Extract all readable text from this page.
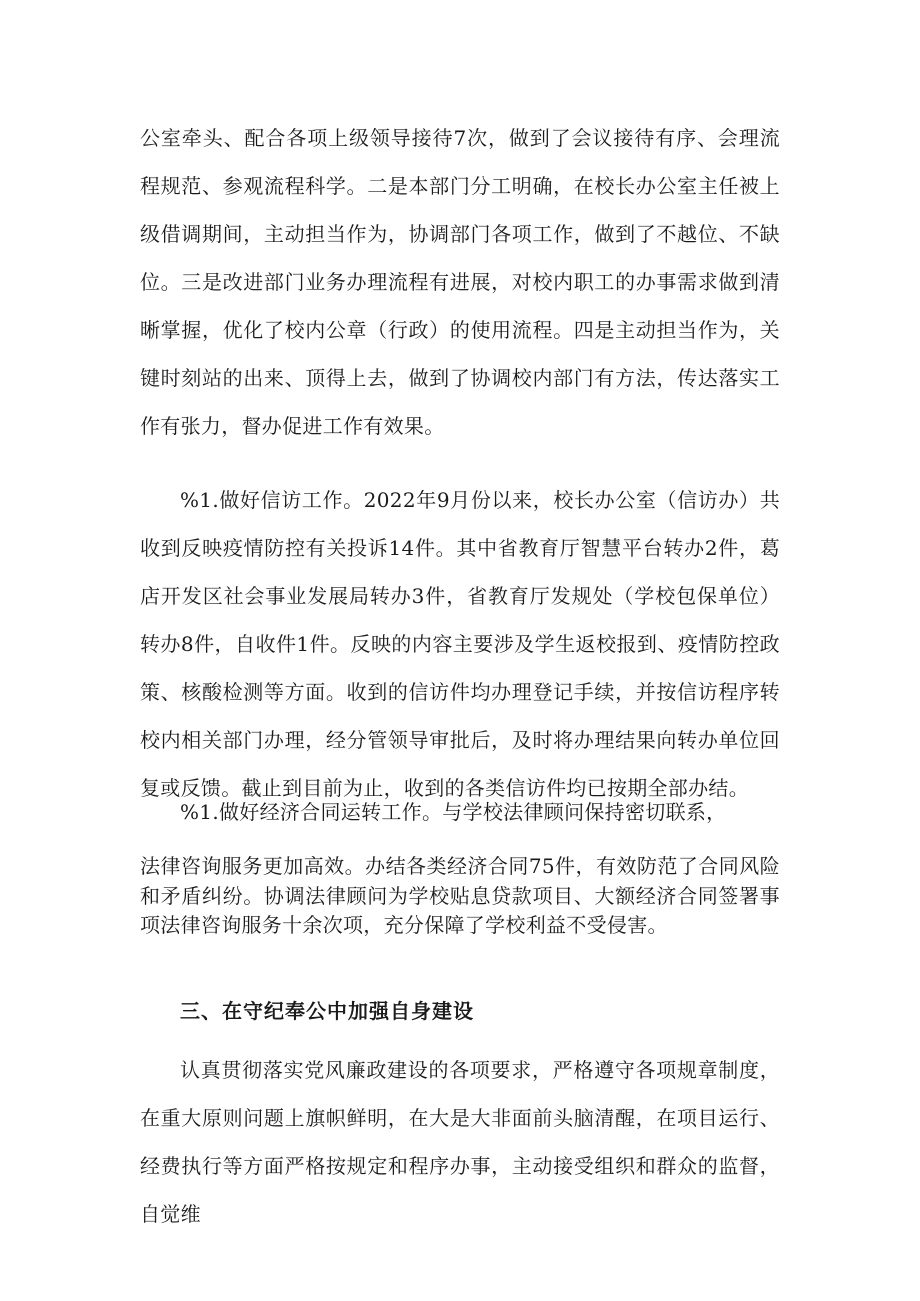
公室牵头、配合各项上级领导接待7次，做到了会议接待有序、会理流程规范、参观流程科学。二是本部门分工明确，在校长办公室主任被上级借调期间，主动担当作为，协调部门各项工作，做到了不越位、不缺位。三是改进部门业务办理流程有进展，对校内职工的办事需求做到清晰掌握，优化了校内公章（行政）的使用流程。四是主动担当作为，关键时刻站的出来、顶得上去，做到了协调校内部门有方法，传达落实工作有张力，督办促进工作有效果。

%1.做好信访工作。2022年9月份以来，校长办公室（信访办）共收到反映疫情防控有关投诉14件。其中省教育厅智慧平台转办2件，葛店开发区社会事业发展局转办3件，省教育厅发规处（学校包保单位）转办8件，自收件1件。反映的内容主要涉及学生返校报到、疫情防控政策、核酸检测等方面。收到的信访件均办理登记手续，并按信访程序转校内相关部门办理，经分管领导审批后，及时将办理结果向转办单位回复或反馈。截止到目前为止，收到的各类信访件均已按期全部办结。

%1.做好经济合同运转工作。与学校法律顾问保持密切联系，

法律咨询服务更加高效。办结各类经济合同75件，有效防范了合同风险和矛盾纠纷。协调法律顾问为学校贴息贷款项目、大额经济合同签署事项法律咨询服务十余次项，充分保障了学校利益不受侵害。

三、在守纪奉公中加强自身建设

认真贯彻落实党风廉政建设的各项要求，严格遵守各项规章制度，在重大原则问题上旗帜鲜明，在大是大非面前头脑清醒，在项目运行、经费执行等方面严格按规定和程序办事，主动接受组织和群众的监督，自觉维
